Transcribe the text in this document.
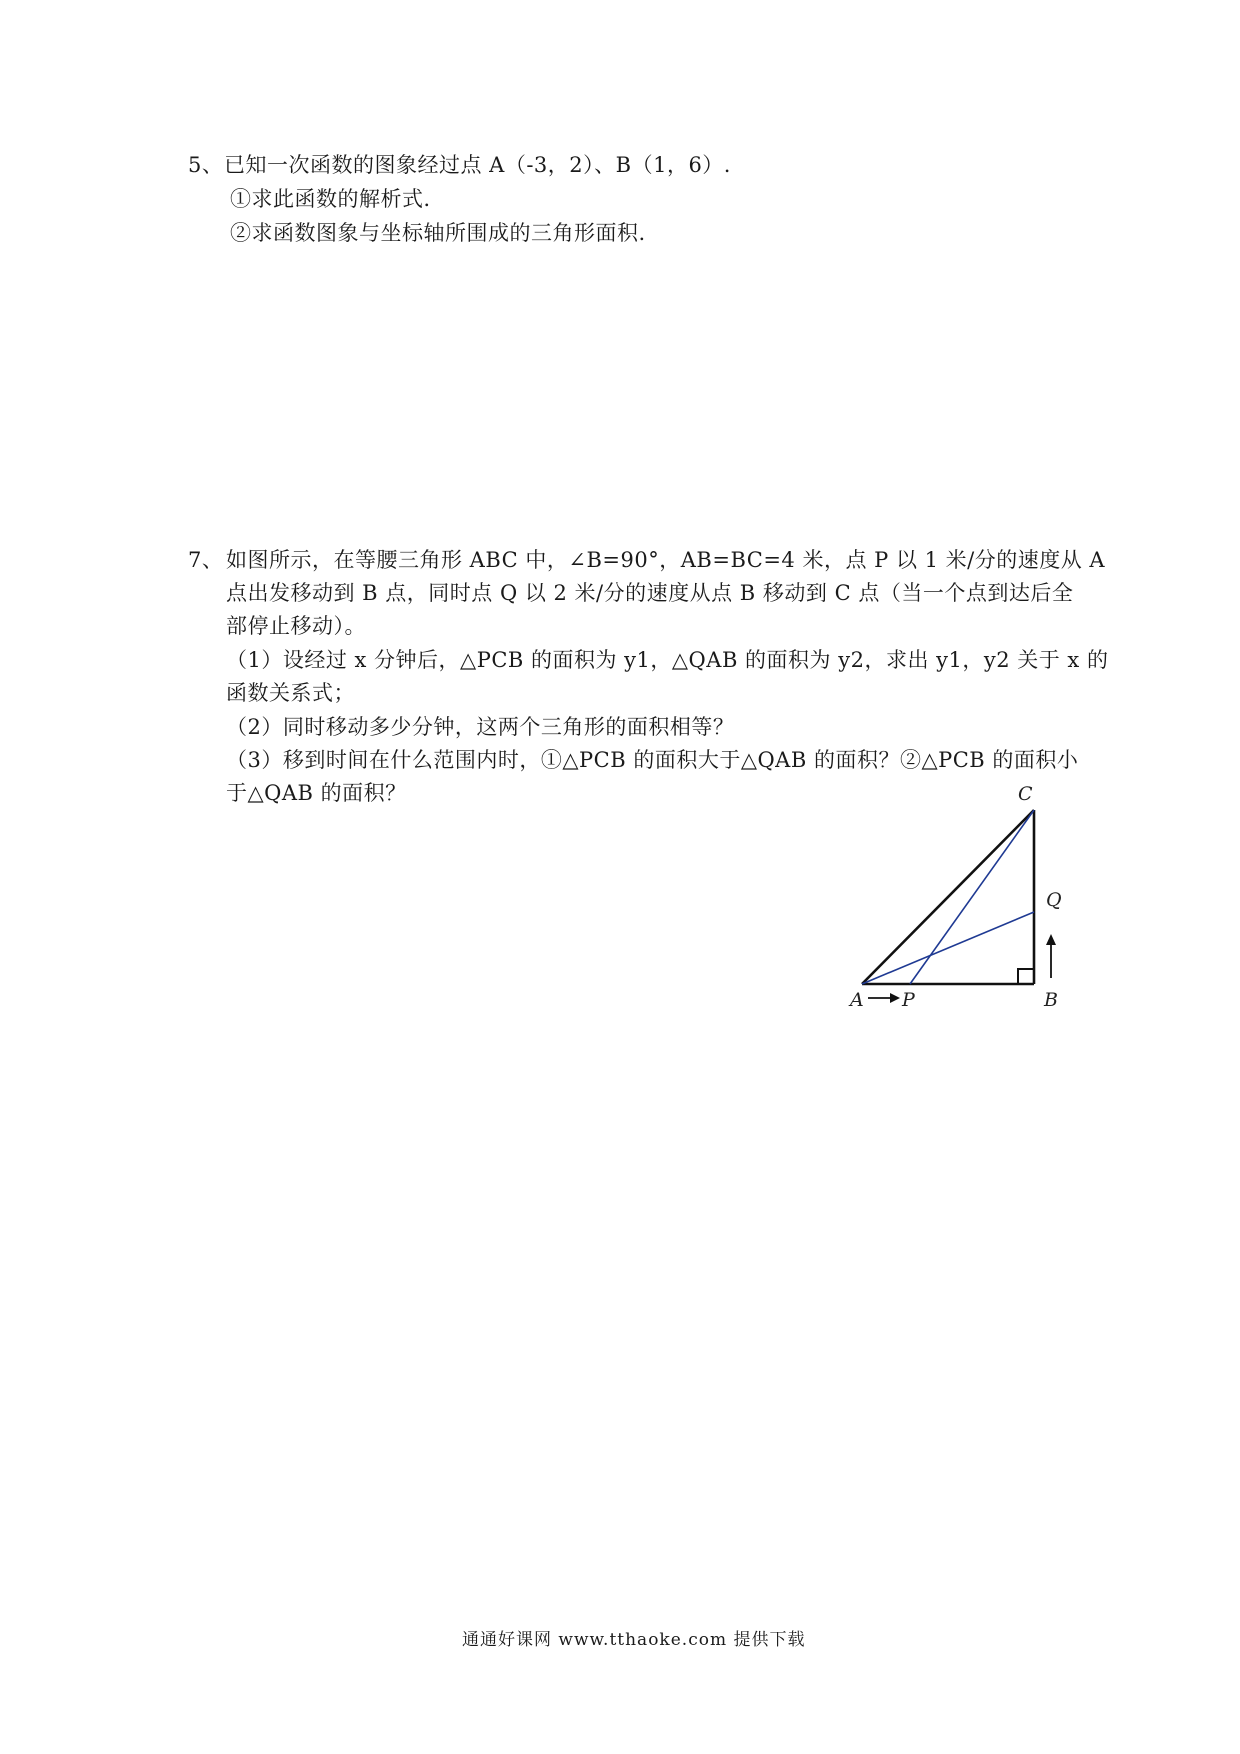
5、 已知一次函数的图象经过点 A（-3，2）、B（1，6）.
①求此函数的解析式．
②求函数图象与坐标轴所围成的三角形面积.
7、 如图所示，在等腰三角形 ABC 中，∠B=90°，AB=BC=4 米，点 P 以 1 米/分的速度从 A
点出发移动到 B 点，同时点 Q 以 2 米/分的速度从点 B 移动到 C 点（当一个点到达后全
部停止移动）。
（1）设经过 x 分钟后，△PCB 的面积为 y1，△QAB 的面积为 y2，求出 y1，y2 关于 x 的
函数关系式；
（2）同时移动多少分钟，这两个三角形的面积相等？
（3）移到时间在什么范围内时，①△PCB 的面积大于△QAB 的面积？②△PCB 的面积小
于△QAB 的面积？	C
Q
A P	B
通通好课网 www.tthaoke.com 提供下载
